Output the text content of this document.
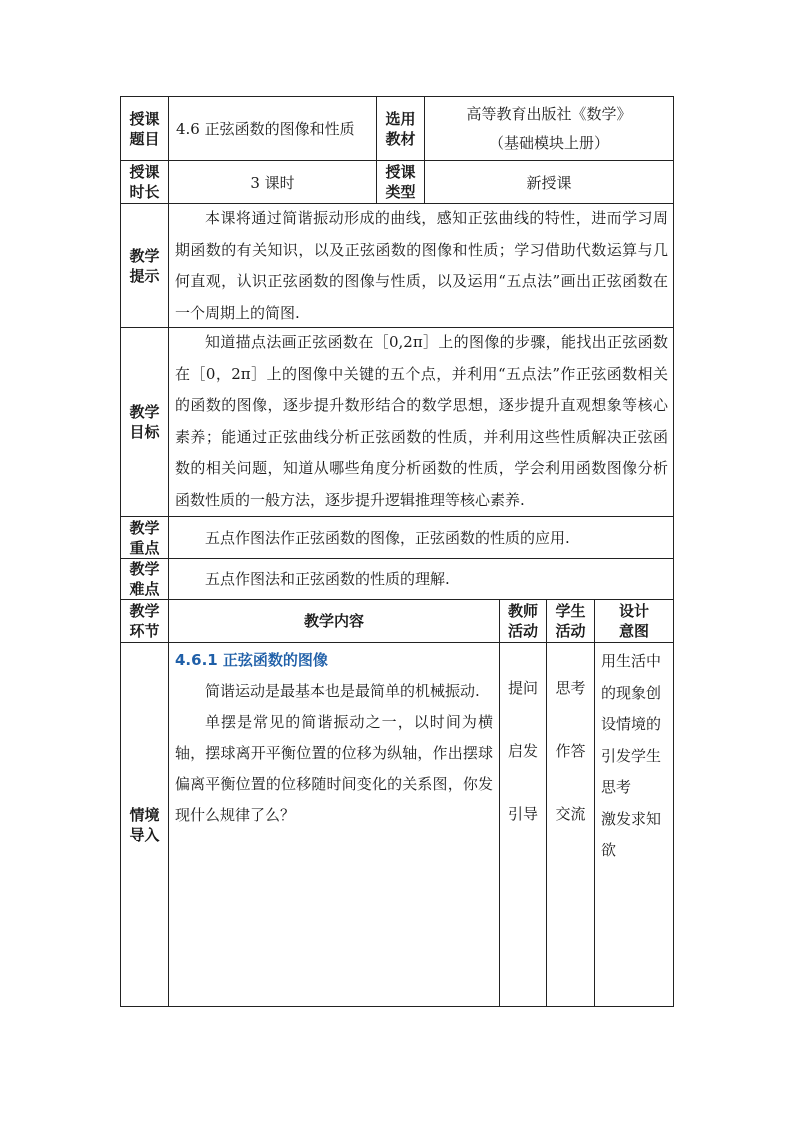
授课
题目
4.6 正弦函数的图像和性质
选用
教材
高等教育出版社《数学》
（基础模块上册）
授课
时长
3 课时
授课
类型
新授课
教学
提示

本课将通过简谐振动形成的曲线，感知正弦曲线的特性，进而学习周期函数的有关知识，以及正弦函数的图像和性质；学习借助代数运算与几何直观，认识正弦函数的图像与性质，以及运用“五点法”画出正弦函数在一个周期上的简图.

教学
目标

知道描点法画正弦函数在［0,2π］上的图像的步骤，能找出正弦函数在［0，2π］上的图像中关键的五个点，并利用“五点法”作正弦函数相关的函数的图像，逐步提升数形结合的数学思想，逐步提升直观想象等核心素养；能通过正弦曲线分析正弦函数的性质，并利用这些性质解决正弦函数的相关问题，知道从哪些角度分析函数的性质，学会利用函数图像分析函数性质的一般方法，逐步提升逻辑推理等核心素养.

教学
重点

五点作图法作正弦函数的图像，正弦函数的性质的应用.

教学
难点

五点作图法和正弦函数的性质的理解.

教学
环节
教学内容
教师
活动
学生
活动
设计
意图
情境
导入
4.6.1 正弦函数的图像

简谐运动是最基本也是最简单的机械振动.

单摆是常见的简谐振动之一，以时间为横轴，摆球离开平衡位置的位移为纵轴，作出摆球偏离平衡位置的位移随时间变化的关系图，你发现什么规律了么？

提问
启发
引导
思考
作答
交流
用生活中
的现象创
设情境的
引发学生
思考
激发求知
欲
